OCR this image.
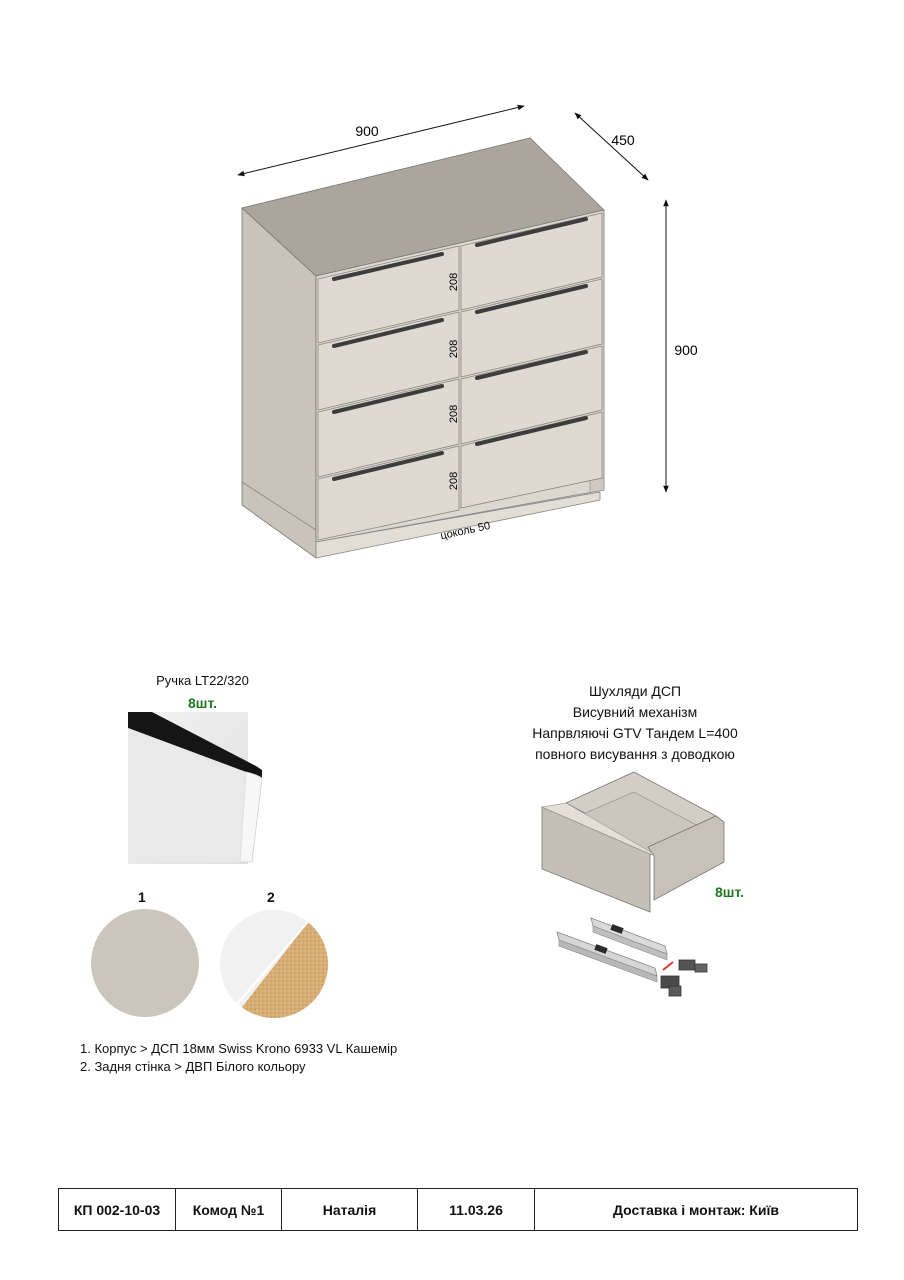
900
450
900
208
208
208
208
цоколь 50
Ручка LT22/320
8шт.
1	2
1. Корпус > ДСП 18мм Swiss Krono 6933 VL Кашемір
2. Задня стінка > ДВП Білого кольору
Шухляди ДСП
Висувний механізм
Напрвляючі GTV Тандем L=400
повного висування з доводкою
8шт.
КП 002-10-03	Комод №1	Наталія	11.03.26	Доставка і монтаж: Київ
